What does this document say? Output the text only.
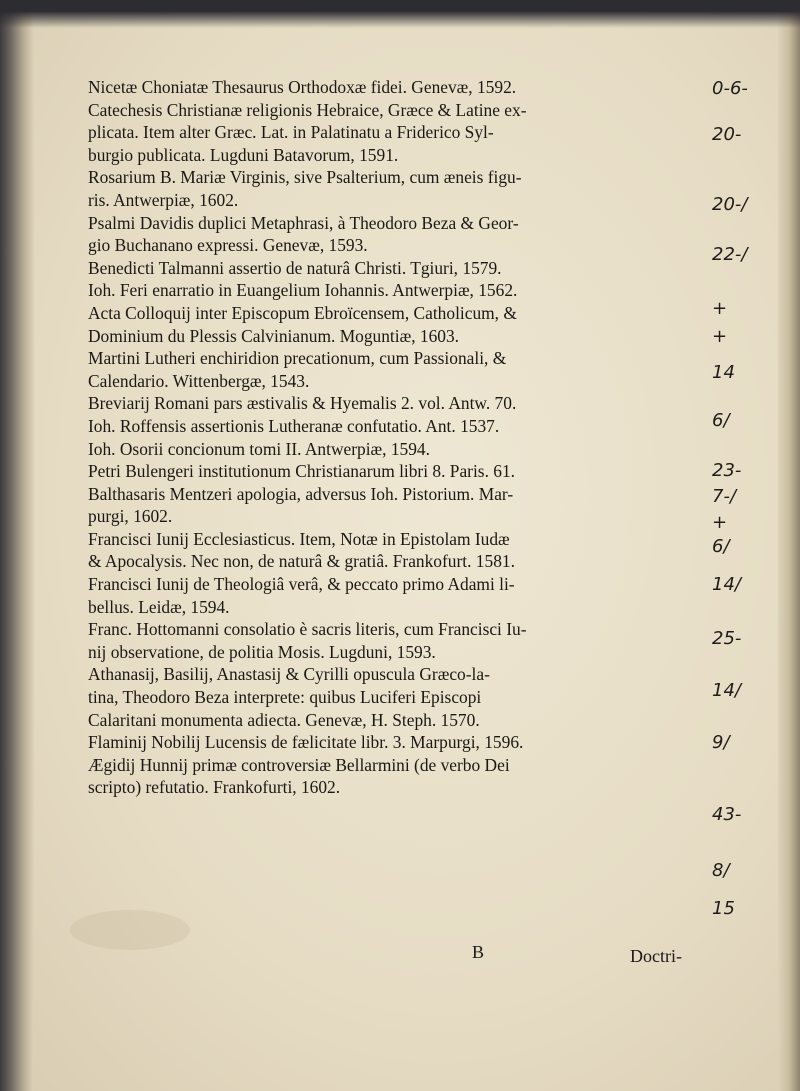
Nicetæ Choniatæ Thesaurus Orthodoxæ fidei. Genevæ, 1592.
Catechesis Christianæ religionis Hebraice, Græce & Latine ex-
plicata. Item alter Græc. Lat. in Palatinatu a Friderico Syl-
burgio publicata. Lugduni Batavorum, 1591.
Rosarium B. Mariæ Virginis, sive Psalterium, cum æneis figu-
ris. Antwerpiæ, 1602.
Psalmi Davidis duplici Metaphrasi, à Theodoro Beza & Geor-
gio Buchanano expressi. Genevæ, 1593.
Benedicti Talmanni assertio de naturâ Christi. Tgiuri, 1579.
Ioh. Feri enarratio in Euangelium Iohannis. Antwerpiæ, 1562.
Acta Colloquij inter Episcopum Ebroïcensem, Catholicum, &
Dominium du Plessis Calvinianum. Moguntiæ, 1603.
Martini Lutheri enchiridion precationum, cum Passionali, &
Calendario. Wittenbergæ, 1543.
Breviarij Romani pars æstivalis & Hyemalis 2. vol. Antw. 70.
Ioh. Roffensis assertionis Lutheranæ confutatio. Ant. 1537.
Ioh. Osorii concionum tomi II. Antwerpiæ, 1594.
Petri Bulengeri institutionum Christianarum libri 8. Paris. 61.
Balthasaris Mentzeri apologia, adversus Ioh. Pistorium. Mar-
purgi, 1602.
Francisci Iunij Ecclesiasticus. Item, Notæ in Epistolam Iudæ
& Apocalysis. Nec non, de naturâ & gratiâ. Frankofurt. 1581.
Francisci Iunij de Theologiâ verâ, & peccato primo Adami li-
bellus. Leidæ, 1594.
Franc. Hottomanni consolatio è sacris literis, cum Francisci Iu-
nij observatione, de politia Mosis. Lugduni, 1593.
Athanasij, Basilij, Anastasij & Cyrilli opuscula Græco-la-
tina, Theodoro Beza interprete: quibus Luciferi Episcopi
Calaritani monumenta adiecta. Genevæ, H. Steph. 1570.
Flaminij Nobilij Lucensis de fælicitate libr. 3. Marpurgi, 1596.
Ægidij Hunnij primæ controversiæ Bellarmini (de verbo Dei
scripto) refutatio. Frankofurti, 1602.
0-6-
20-
20-/
22-/
+
+
14
6/
23-
7-/
+
6/
14/
25-
14/
9/
43-
8/
15
B	Doctri-
